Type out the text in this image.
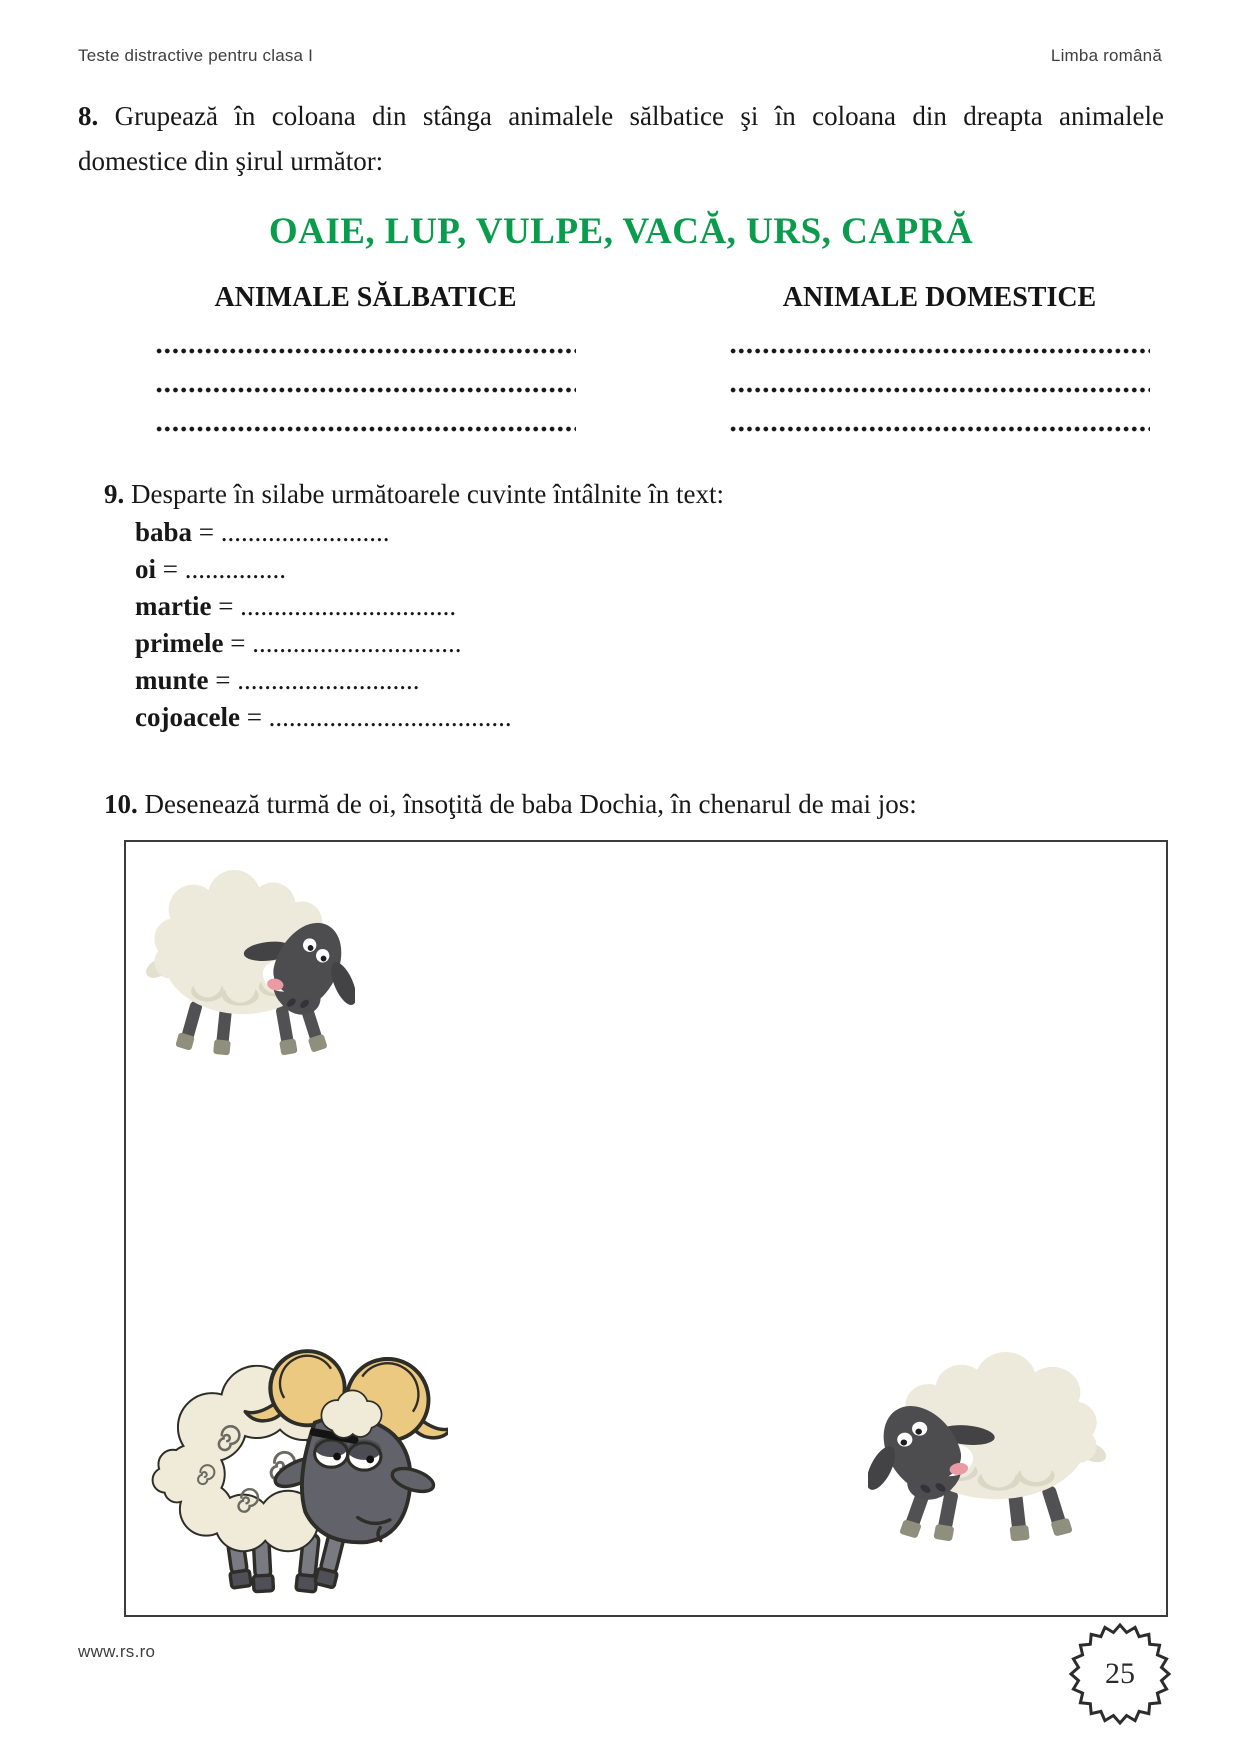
Teste distractive pentru clasa I	Limba română
8. Grupează în coloana din stânga animalele sălbatice şi în coloana din dreapta animalele
domestice din şirul următor:
OAIE, LUP, VULPE, VACĂ, URS, CAPRĂ
ANIMALE SĂLBATICE	ANIMALE DOMESTICE
9. Desparte în silabe următoarele cuvinte întâlnite în text:
baba = .........................
oi = ...............
martie = ................................
primele = ...............................
munte = ...........................
cojoacele = ....................................
10. Desenează turmă de oi, însoţită de baba Dochia, în chenarul de mai jos:
www.rs.ro
25
